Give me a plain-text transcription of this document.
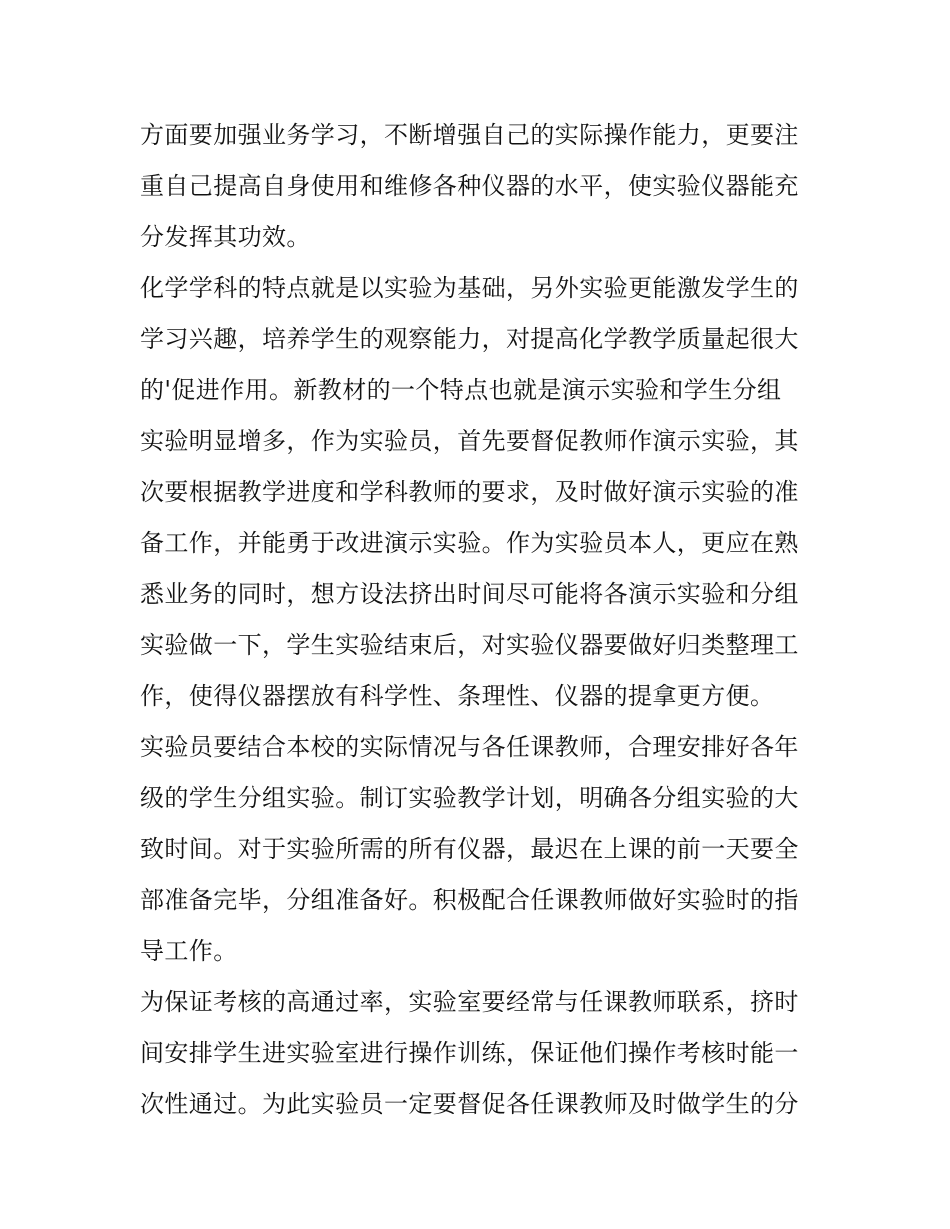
方面要加强业务学习，不断增强自己的实际操作能力，更要注
重自己提高自身使用和维修各种仪器的水平，使实验仪器能充
分发挥其功效。
化学学科的特点就是以实验为基础，另外实验更能激发学生的
学习兴趣，培养学生的观察能力，对提高化学教学质量起很大
的'促进作用。新教材的一个特点也就是演示实验和学生分组
实验明显增多，作为实验员，首先要督促教师作演示实验，其
次要根据教学进度和学科教师的要求，及时做好演示实验的准
备工作，并能勇于改进演示实验。作为实验员本人，更应在熟
悉业务的同时，想方设法挤出时间尽可能将各演示实验和分组
实验做一下，学生实验结束后，对实验仪器要做好归类整理工
作，使得仪器摆放有科学性、条理性、仪器的提拿更方便。
实验员要结合本校的实际情况与各任课教师，合理安排好各年
级的学生分组实验。制订实验教学计划，明确各分组实验的大
致时间。对于实验所需的所有仪器，最迟在上课的前一天要全
部准备完毕，分组准备好。积极配合任课教师做好实验时的指
导工作。
为保证考核的高通过率，实验室要经常与任课教师联系，挤时
间安排学生进实验室进行操作训练，保证他们操作考核时能一
次性通过。为此实验员一定要督促各任课教师及时做学生的分
